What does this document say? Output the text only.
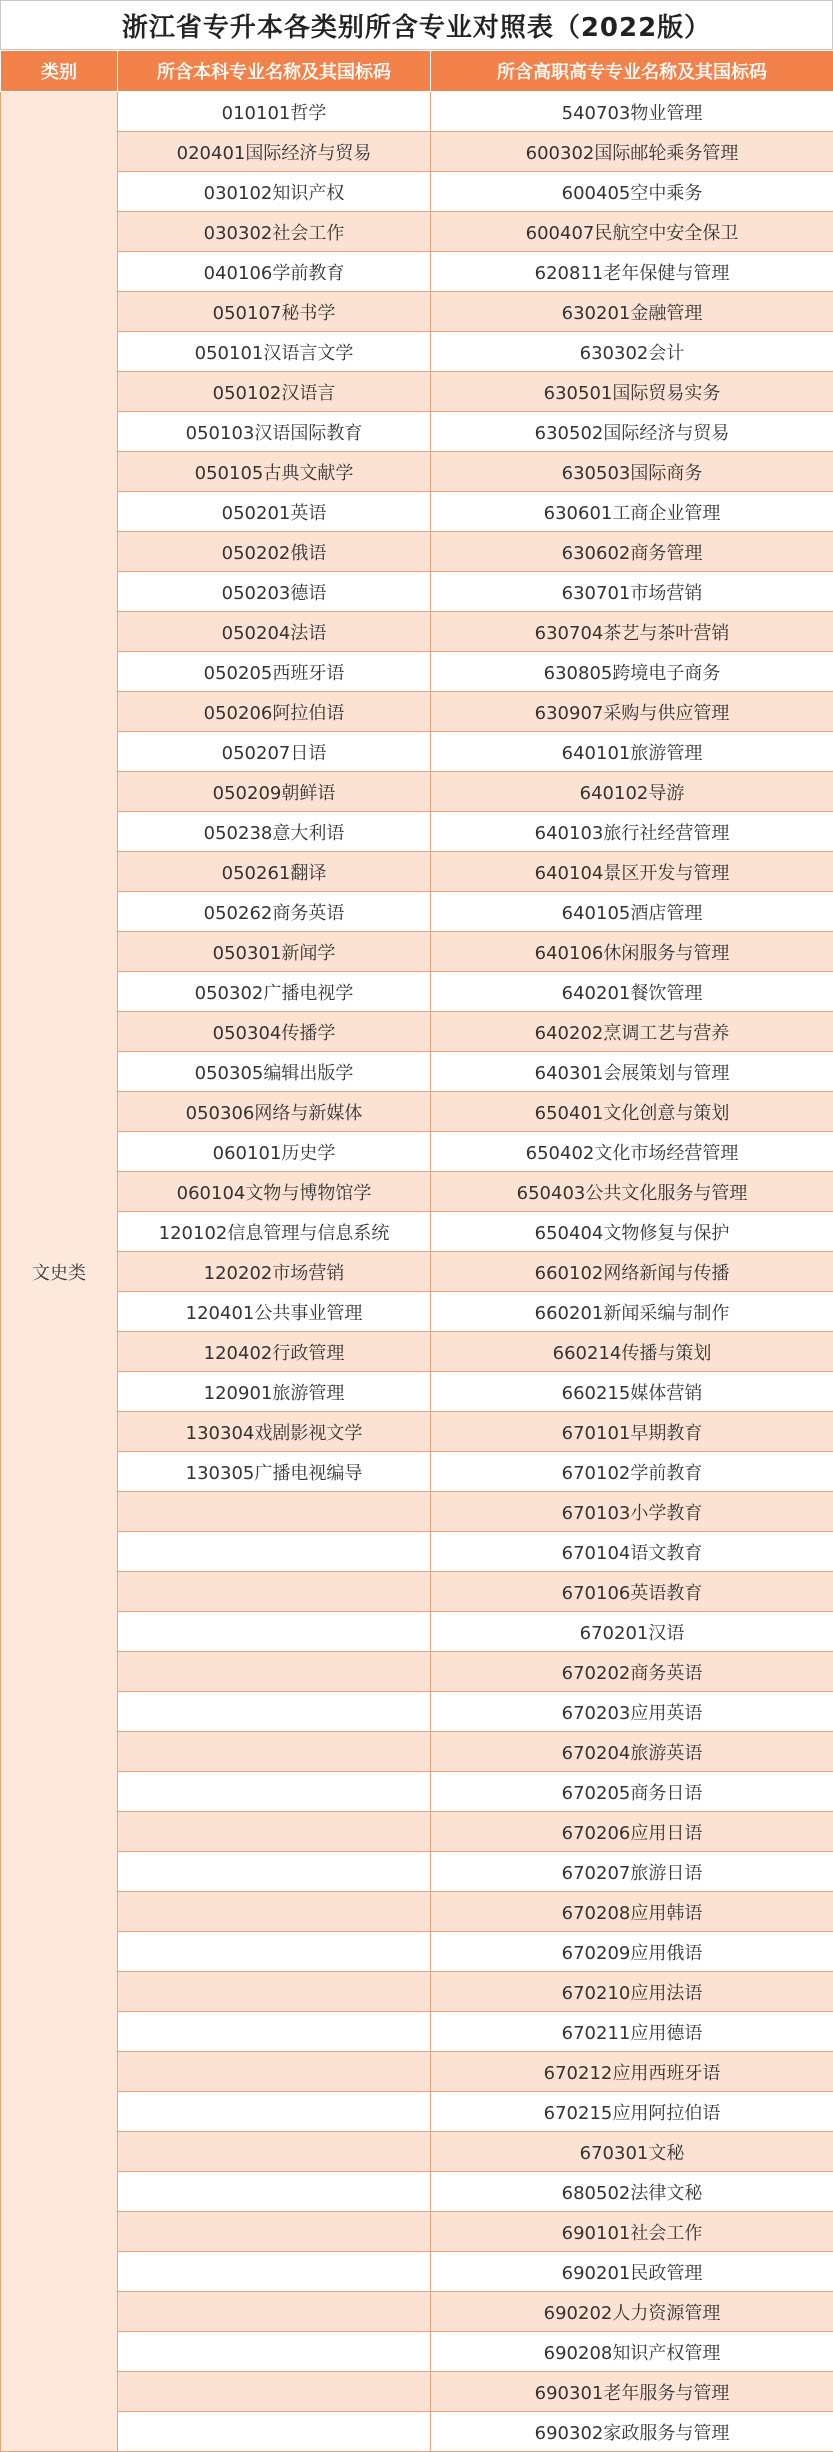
浙江省专升本各类别所含专业对照表（2022版）
类别	所含本科专业名称及其国标码	所含高职高专专业名称及其国标码
文史类	010101哲学	540703物业管理
	020401国际经济与贸易	600302国际邮轮乘务管理
	030102知识产权	600405空中乘务
	030302社会工作	600407民航空中安全保卫
	040106学前教育	620811老年保健与管理
	050107秘书学	630201金融管理
	050101汉语言文学	630302会计
	050102汉语言	630501国际贸易实务
	050103汉语国际教育	630502国际经济与贸易
	050105古典文献学	630503国际商务
	050201英语	630601工商企业管理
	050202俄语	630602商务管理
	050203德语	630701市场营销
	050204法语	630704茶艺与茶叶营销
	050205西班牙语	630805跨境电子商务
	050206阿拉伯语	630907采购与供应管理
	050207日语	640101旅游管理
	050209朝鲜语	640102导游
	050238意大利语	640103旅行社经营管理
	050261翻译	640104景区开发与管理
	050262商务英语	640105酒店管理
	050301新闻学	640106休闲服务与管理
	050302广播电视学	640201餐饮管理
	050304传播学	640202烹调工艺与营养
	050305编辑出版学	640301会展策划与管理
	050306网络与新媒体	650401文化创意与策划
	060101历史学	650402文化市场经营管理
	060104文物与博物馆学	650403公共文化服务与管理
	120102信息管理与信息系统	650404文物修复与保护
	120202市场营销	660102网络新闻与传播
	120401公共事业管理	660201新闻采编与制作
	120402行政管理	660214传播与策划
	120901旅游管理	660215媒体营销
	130304戏剧影视文学	670101早期教育
	130305广播电视编导	670102学前教育
		670103小学教育
		670104语文教育
		670106英语教育
		670201汉语
		670202商务英语
		670203应用英语
		670204旅游英语
		670205商务日语
		670206应用日语
		670207旅游日语
		670208应用韩语
		670209应用俄语
		670210应用法语
		670211应用德语
		670212应用西班牙语
		670215应用阿拉伯语
		670301文秘
		680502法律文秘
		690101社会工作
		690201民政管理
		690202人力资源管理
		690208知识产权管理
		690301老年服务与管理
		690302家政服务与管理
